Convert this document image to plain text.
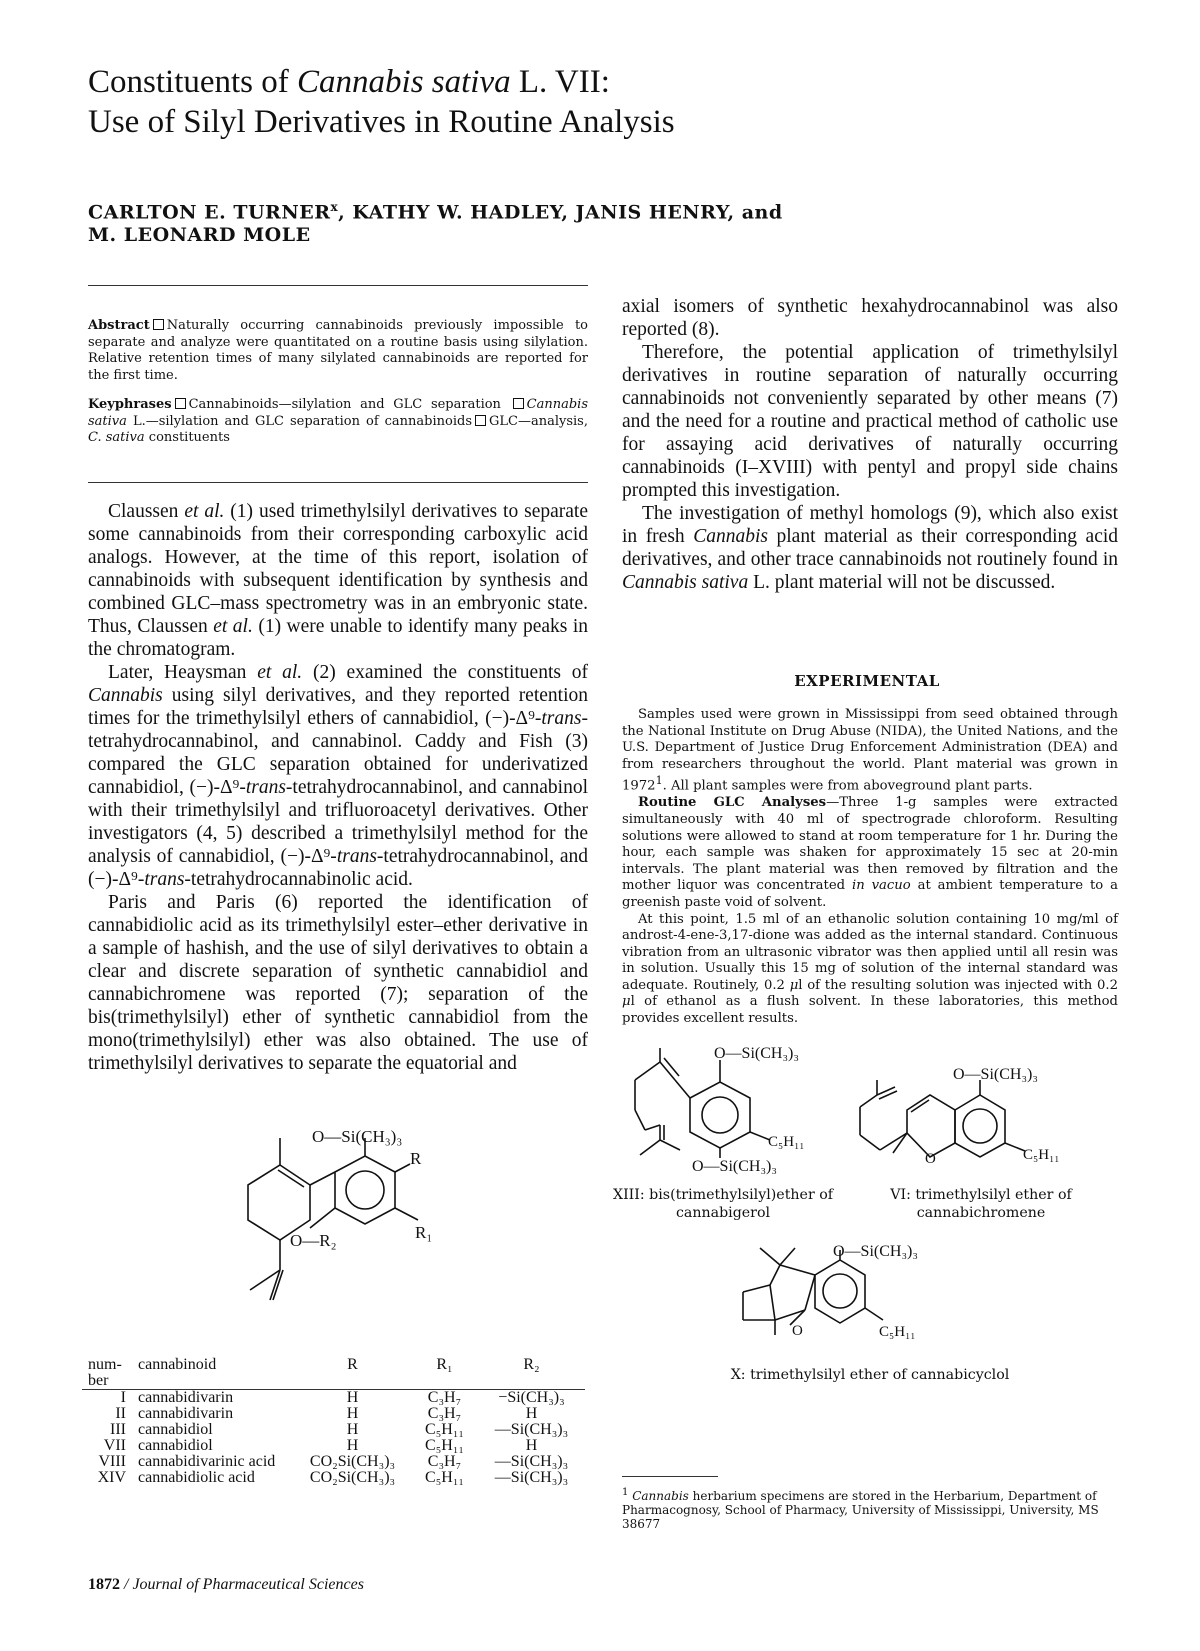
Constituents of Cannabis sativa L. VII:
Use of Silyl Derivatives in Routine Analysis
CARLTON E. TURNER$^x$, KATHY W. HADLEY, JANIS HENRY, and
M. LEONARD MOLE

Abstract Naturally occurring cannabinoids previously impossible to separate and analyze were quantitated on a routine basis using silylation. Relative retention times of many silylated cannabinoids are reported for the first time.

Keyphrases Cannabinoids—silylation and GLC separation Cannabis sativa L.—silylation and GLC separation of cannabinoids GLC—analysis, C. sativa constituents

Claussen et al. (1) used trimethylsilyl derivatives to separate some cannabinoids from their corresponding carboxylic acid analogs. However, at the time of this report, isolation of cannabinoids with subsequent identification by synthesis and combined GLC–mass spectrometry was in an embryonic state. Thus, Claussen et al. (1) were unable to identify many peaks in the chromatogram.

Later, Heaysman et al. (2) examined the constituents of Cannabis using silyl derivatives, and they reported retention times for the trimethylsilyl ethers of cannabidiol, (−)-Δ⁹-trans-tetrahydrocannabinol, and cannabinol. Caddy and Fish (3) compared the GLC separation obtained for underivatized cannabidiol, (−)-Δ⁹-trans-tetrahydrocannabinol, and cannabinol with their trimethylsilyl and trifluoroacetyl derivatives. Other investigators (4, 5) described a trimethylsilyl method for the analysis of cannabidiol, (−)-Δ⁹-trans-tetrahydrocannabinol, and (−)-Δ⁹-trans-tetrahydrocannabinolic acid.

Paris and Paris (6) reported the identification of cannabidiolic acid as its trimethylsilyl ester–ether derivative in a sample of hashish, and the use of silyl derivatives to obtain a clear and discrete separation of synthetic cannabidiol and cannabichromene was reported (7); separation of the bis(trimethylsilyl) ether of synthetic cannabidiol from the mono(trimethylsilyl) ether was also obtained. The use of trimethylsilyl derivatives to separate the equatorial and

axial isomers of synthetic hexahydrocannabinol was also reported (8).

Therefore, the potential application of trimethylsilyl derivatives in routine separation of naturally occurring cannabinoids not conveniently separated by other means (7) and the need for a routine and practical method of catholic use for assaying acid derivatives of naturally occurring cannabinoids (I–XVIII) with pentyl and propyl side chains prompted this investigation.

The investigation of methyl homologs (9), which also exist in fresh Cannabis plant material as their corresponding acid derivatives, and other trace cannabinoids not routinely found in Cannabis sativa L. plant material will not be discussed.

EXPERIMENTAL

Samples used were grown in Mississippi from seed obtained through the National Institute on Drug Abuse (NIDA), the United Nations, and the U.S. Department of Justice Drug Enforcement Administration (DEA) and from researchers throughout the world. Plant material was grown in 1972$^1$. All plant samples were from aboveground plant parts.

Routine GLC Analyses—Three 1-g samples were extracted simultaneously with 40 ml of spectrograde chloroform. Resulting solutions were allowed to stand at room temperature for 1 hr. During the hour, each sample was shaken for approximately 15 sec at 20-min intervals. The plant material was then removed by filtration and the mother liquor was concentrated in vacuo at ambient temperature to a greenish paste void of solvent.

At this point, 1.5 ml of an ethanolic solution containing 10 mg/ml of androst-4-ene-3,17-dione was added as the internal standard. Continuous vibration from an ultrasonic vibrator was then applied until all resin was in solution. Usually this 15 mg of solution of the internal standard was adequate. Routinely, 0.2 μl of the resulting solution was injected with 0.2 μl of ethanol as a flush solvent. In these laboratories, this method provides excellent results.

O—Si(CH₃)₃
R
R₁
O—R₂
O—Si(CH₃)₃
C₅H₁₁
O—Si(CH₃)₃	O
O—Si(CH₃)₃
C₅H₁₁
XIII: bis(trimethylsilyl)ether of cannabigerol
VI: trimethylsilyl ether of cannabichromene
O
O—Si(CH₃)₃
C₅H₁₁
X: trimethylsilyl ether of cannabicyclol
num-ber	cannabinoid	R	R₁	R₂
I	cannabidivarin	H	C₃H₇	−Si(CH₃)₃
II	cannabidivarin	H	C₃H₇	H
III	cannabidiol	H	C₅H₁₁	—Si(CH₃)₃
VII	cannabidiol	H	C₅H₁₁	H
VIII	cannabidivarinic acid	CO₂Si(CH₃)₃	C₃H₇	—Si(CH₃)₃
XIV	cannabidiolic acid	CO₂Si(CH₃)₃	C₅H₁₁	—Si(CH₃)₃
$^1$ Cannabis herbarium specimens are stored in the Herbarium, Department of Pharmacognosy, School of Pharmacy, University of Mississippi, University, MS 38677
1872 / Journal of Pharmaceutical Sciences
